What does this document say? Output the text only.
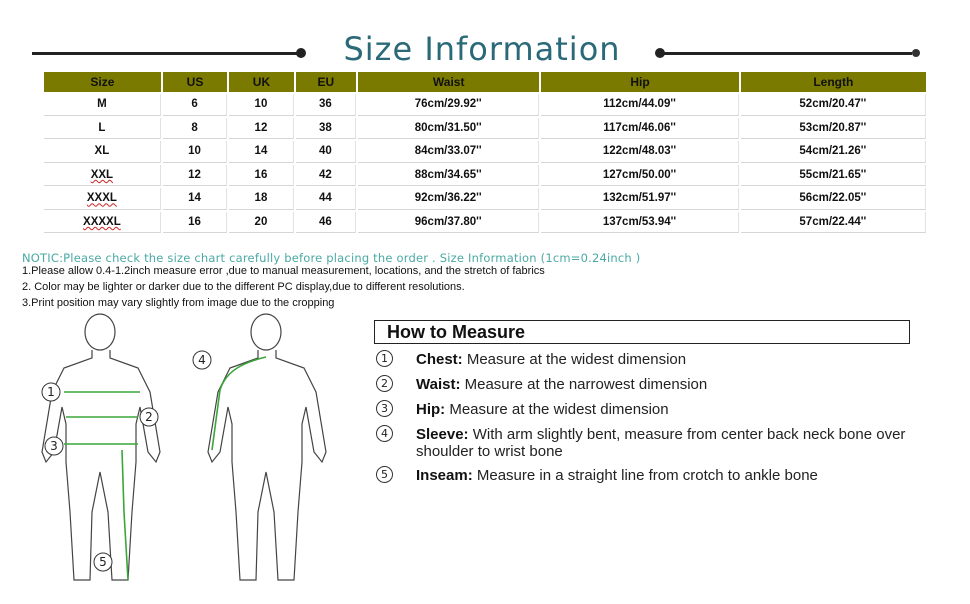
Size Information
Size	US	UK	EU	Waist	Hip	Length
M	6	10	36	76cm/29.92''	112cm/44.09''	52cm/20.47''
L	8	12	38	80cm/31.50''	117cm/46.06''	53cm/20.87''
XL	10	14	40	84cm/33.07''	122cm/48.03''	54cm/21.26''
XXL	12	16	42	88cm/34.65''	127cm/50.00''	55cm/21.65''
XXXL	14	18	44	92cm/36.22''	132cm/51.97''	56cm/22.05''
XXXXL	16	20	46	96cm/37.80''	137cm/53.94''	57cm/22.44''
NOTIC:Please check the size chart carefully before placing the order . Size Information (1cm=0.24inch )
1.Please allow 0.4-1.2inch measure error ,due to manual measurement, locations, and the stretch of fabrics
2. Color may be lighter or darker due to the different PC display,due to different resolutions.
3.Print position may vary slightly from image due to the cropping
1
2
3
4
5
How to Measure
1	Chest: Measure at the widest dimension
2	Waist: Measure at the narrowest dimension
3	Hip: Measure at the widest dimension
4	Sleeve: With arm slightly bent, measure from center back neck bone over shoulder to wrist bone
5	Inseam: Measure in a straight line from crotch to ankle bone
